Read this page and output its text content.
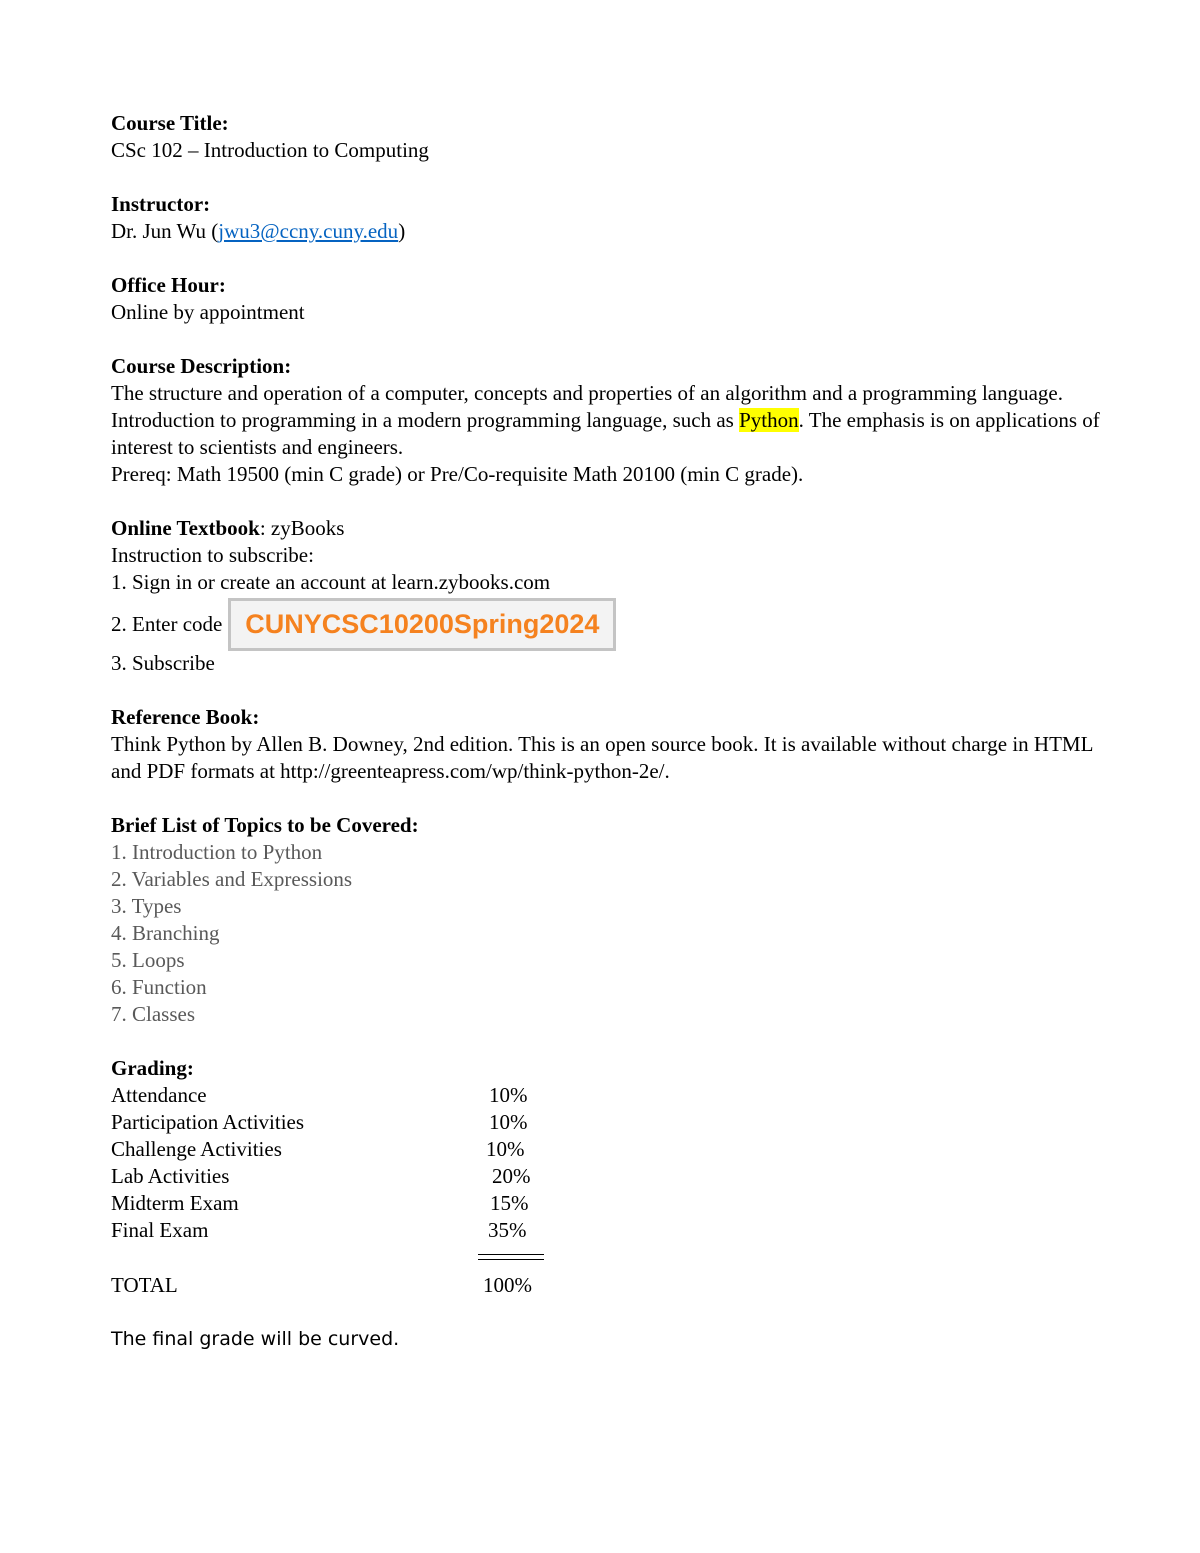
Course Title:
CSc 102 – Introduction to Computing
Instructor:
Dr. Jun Wu (jwu3@ccny.cuny.edu)
Office Hour:
Online by appointment
Course Description:
The structure and operation of a computer, concepts and properties of an algorithm and a programming language. Introduction to programming in a modern programming language, such as Python. The emphasis is on applications of interest to scientists and engineers.
Prereq: Math 19500 (min C grade) or Pre/Co-requisite Math 20100 (min C grade).
Online Textbook: zyBooks
Instruction to subscribe:
1. Sign in or create an account at learn.zybooks.com
2. Enter code CUNYCSC10200Spring2024
3. Subscribe
Reference Book:
Think Python by Allen B. Downey, 2nd edition. This is an open source book. It is available without charge in HTML and PDF formats at http://greenteapress.com/wp/think-python-2e/.
Brief List of Topics to be Covered:
1. Introduction to Python
2. Variables and Expressions
3. Types
4. Branching
5. Loops
6. Function
7. Classes
Grading:
Attendance	10%
Participation Activities	10%
Challenge Activities	10%
Lab Activities	20%
Midterm Exam	15%
Final Exam	35%
TOTAL	100%
The final grade will be curved.
